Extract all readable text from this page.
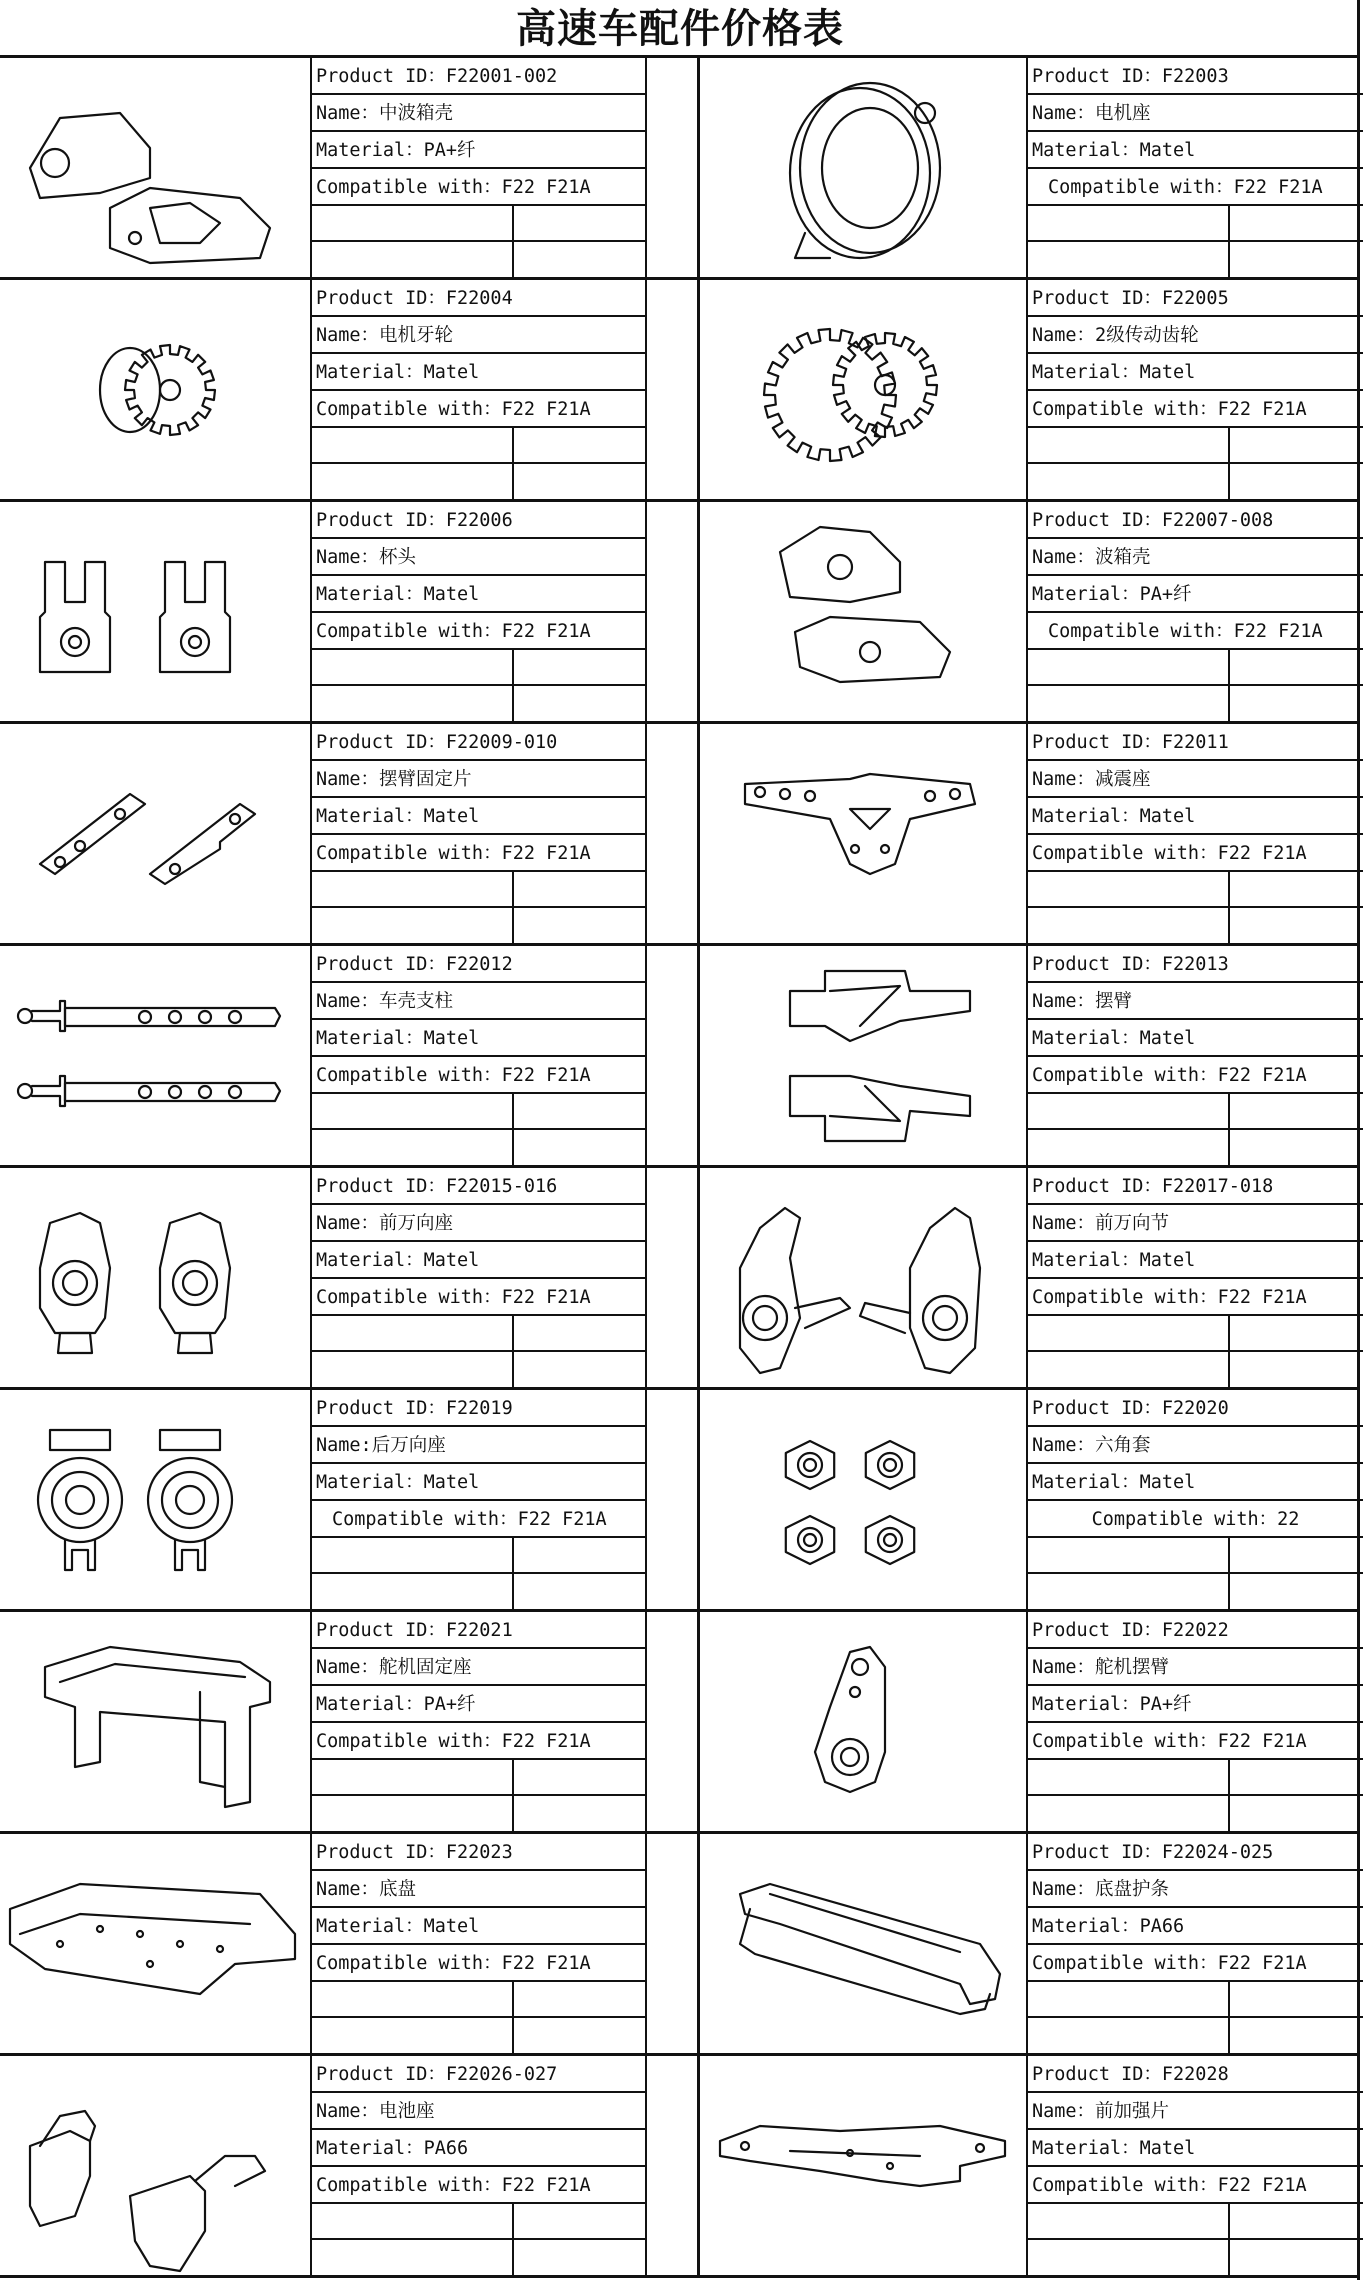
高速车配件价格表
Product ID：F22001-002
Name：中波箱壳
Material：PA+纤
Compatible with：F22 F21A
Product ID：F22003
Name：电机座
Material：Matel
Compatible with：F22 F21A
Product ID：F22004
Name：电机牙轮
Material：Matel
Compatible with：F22 F21A
Product ID：F22005
Name：2级传动齿轮
Material：Matel
Compatible with：F22 F21A
Product ID：F22006
Name：杯头
Material：Matel
Compatible with：F22 F21A
Product ID：F22007-008
Name：波箱壳
Material：PA+纤
Compatible with：F22 F21A
Product ID：F22009-010
Name：摆臂固定片
Material：Matel
Compatible with：F22 F21A
Product ID：F22011
Name：减震座
Material：Matel
Compatible with：F22 F21A
Product ID：F22012
Name：车壳支柱
Material：Matel
Compatible with：F22 F21A
Product ID：F22013
Name：摆臂
Material：Matel
Compatible with：F22 F21A
Product ID：F22015-016
Name：前万向座
Material：Matel
Compatible with：F22 F21A
Product ID：F22017-018
Name：前万向节
Material：Matel
Compatible with：F22 F21A
Product ID：F22019
Name:后万向座
Material：Matel
Compatible with：F22 F21A
Product ID：F22020
Name：六角套
Material：Matel
Compatible with：22
Product ID：F22021
Name：舵机固定座
Material：PA+纤
Compatible with：F22 F21A
Product ID：F22022
Name：舵机摆臂
Material：PA+纤
Compatible with：F22 F21A
Product ID：F22023
Name：底盘
Material：Matel
Compatible with：F22 F21A
Product ID：F22024-025
Name：底盘护条
Material：PA66
Compatible with：F22 F21A
Product ID：F22026-027
Name：电池座
Material：PA66
Compatible with：F22 F21A
Product ID：F22028
Name：前加强片
Material：Matel
Compatible with：F22 F21A
